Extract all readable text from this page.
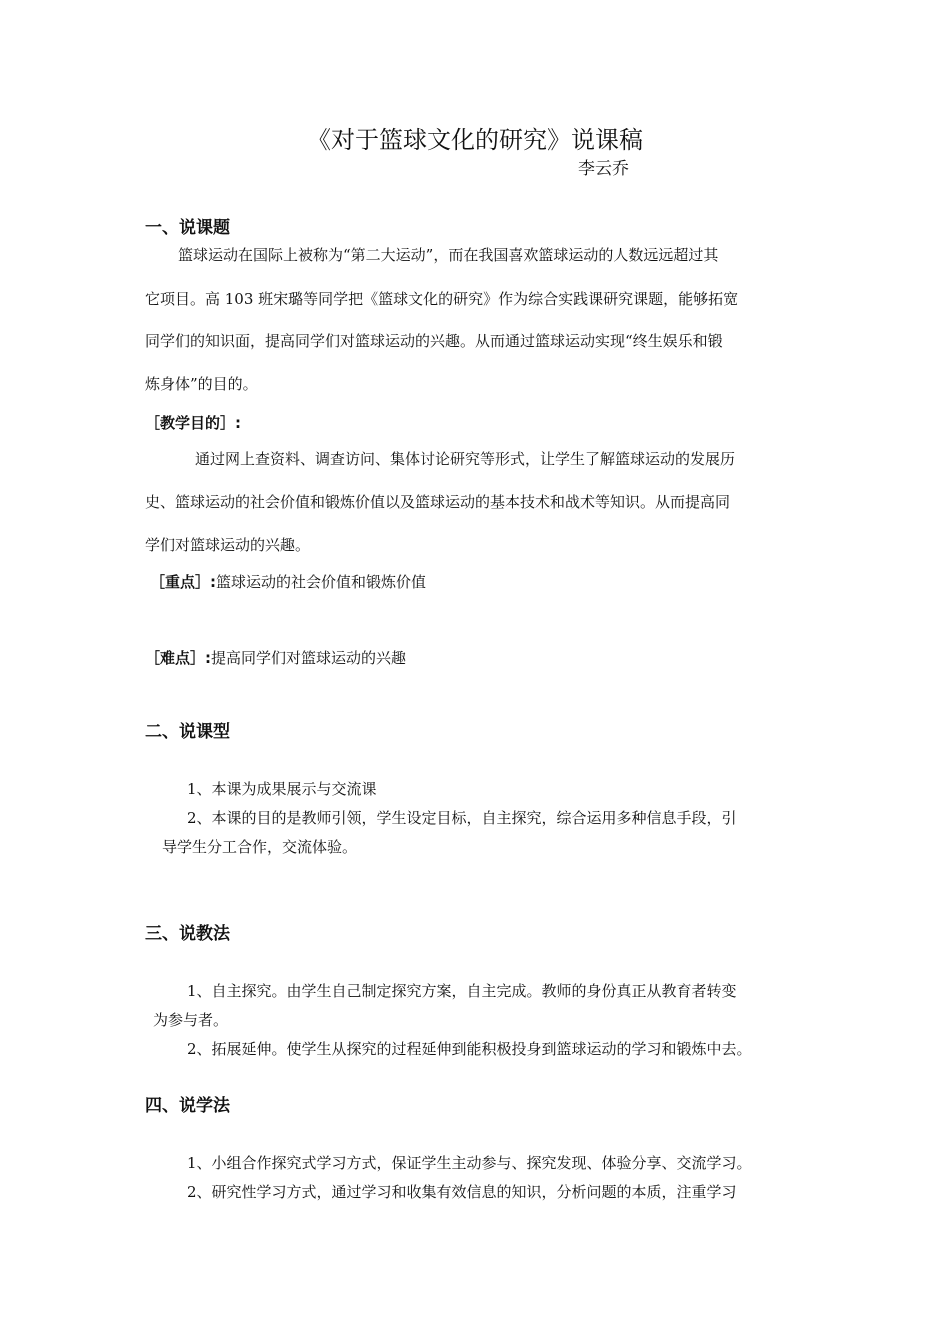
《对于篮球文化的研究》说课稿
李云乔
一、说课题
篮球运动在国际上被称为“第二大运动”，而在我国喜欢篮球运动的人数远远超过其
它项目。高 103 班宋璐等同学把《篮球文化的研究》作为综合实践课研究课题，能够拓宽
同学们的知识面，提高同学们对篮球运动的兴趣。从而通过篮球运动实现“终生娱乐和锻
炼身体”的目的。
［教学目的］:
通过网上查资料、调查访问、集体讨论研究等形式，让学生了解篮球运动的发展历
史、篮球运动的社会价值和锻炼价值以及篮球运动的基本技术和战术等知识。从而提高同
学们对篮球运动的兴趣。
［重点］:篮球运动的社会价值和锻炼价值
［难点］:提高同学们对篮球运动的兴趣
二、说课型
1、本课为成果展示与交流课
2、本课的目的是教师引领，学生设定目标，自主探究，综合运用多种信息手段，引
导学生分工合作，交流体验。
三、说教法
1、自主探究。由学生自己制定探究方案，自主完成。教师的身份真正从教育者转变
为参与者。
2、拓展延伸。使学生从探究的过程延伸到能积极投身到篮球运动的学习和锻炼中去。
四、说学法
1、小组合作探究式学习方式，保证学生主动参与、探究发现、体验分享、交流学习。
2、研究性学习方式，通过学习和收集有效信息的知识，分析问题的本质，注重学习
